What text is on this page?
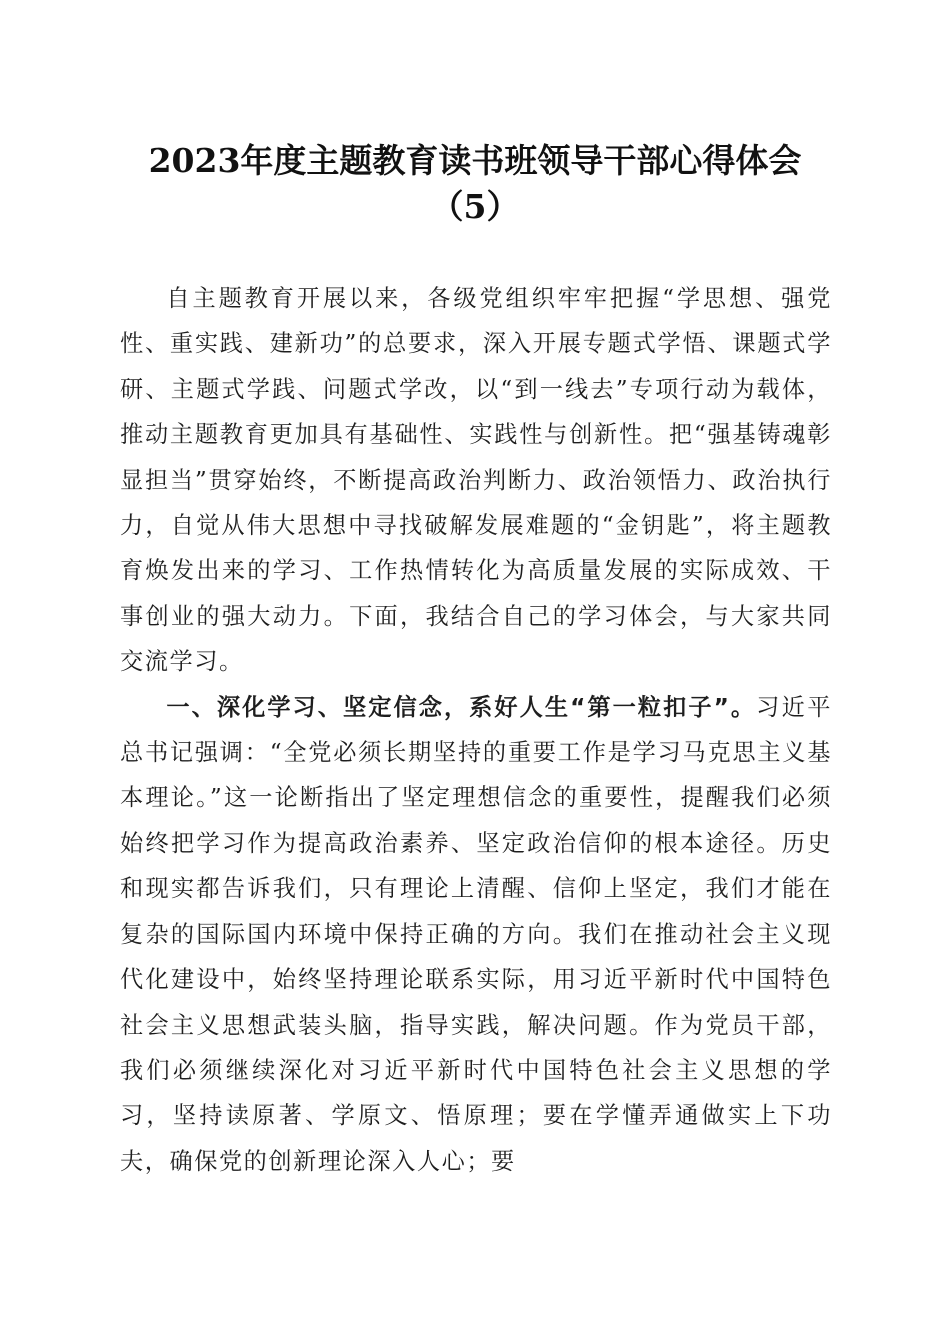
2023年度主题教育读书班领导干部心得体会
（5）

自主题教育开展以来，各级党组织牢牢把握“学思想、强党性、重实践、建新功”的总要求，深入开展专题式学悟、课题式学研、主题式学践、问题式学改，以“到一线去”专项行动为载体，推动主题教育更加具有基础性、实践性与创新性。把“强基铸魂彰显担当”贯穿始终，不断提高政治判断力、政治领悟力、政治执行力，自觉从伟大思想中寻找破解发展难题的“金钥匙”，将主题教育焕发出来的学习、工作热情转化为高质量发展的实际成效、干事创业的强大动力。下面，我结合自己的学习体会，与大家共同交流学习。

一、深化学习、坚定信念，系好人生“第一粒扣子”。习近平总书记强调：“全党必须长期坚持的重要工作是学习马克思主义基本理论。”这一论断指出了坚定理想信念的重要性，提醒我们必须始终把学习作为提高政治素养、坚定政治信仰的根本途径。历史和现实都告诉我们，只有理论上清醒、信仰上坚定，我们才能在复杂的国际国内环境中保持正确的方向。我们在推动社会主义现代化建设中，始终坚持理论联系实际，用习近平新时代中国特色社会主义思想武装头脑，指导实践，解决问题。作为党员干部，我们必须继续深化对习近平新时代中国特色社会主义思想的学习，坚持读原著、学原文、悟原理；要在学懂弄通做实上下功夫，确保党的创新理论深入人心；要
